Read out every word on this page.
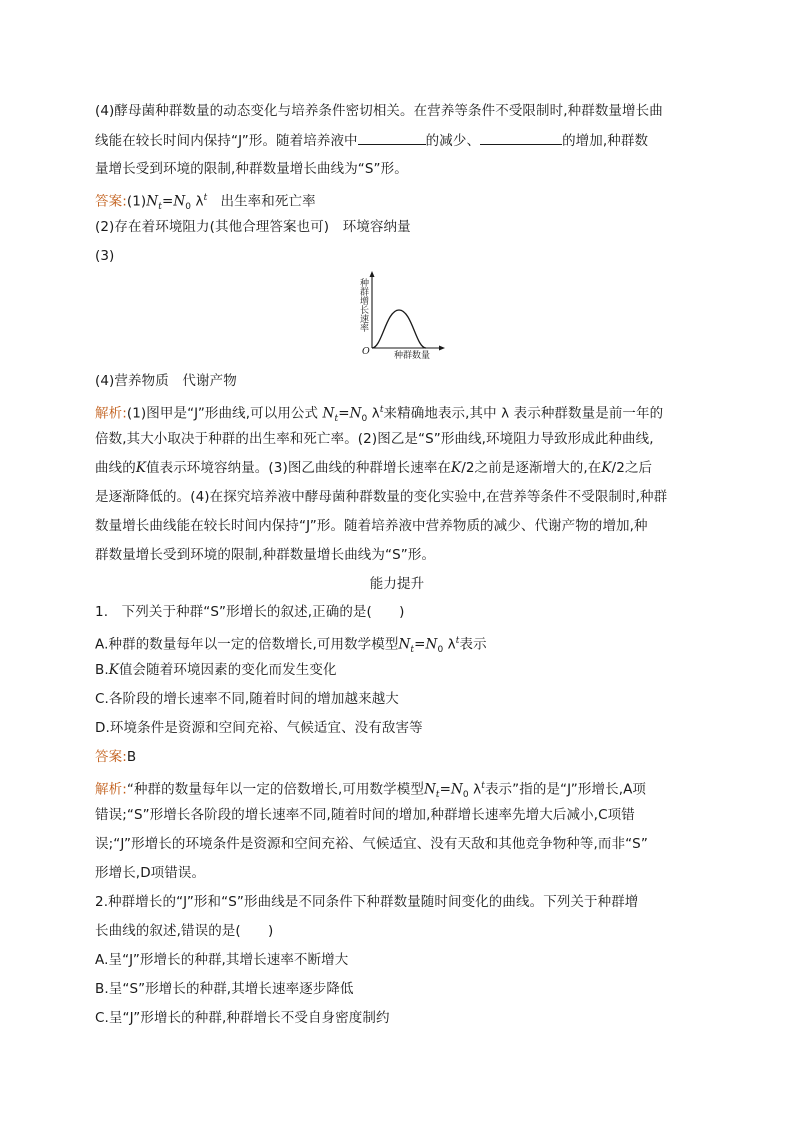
(4)酵母菌种群数量的动态变化与培养条件密切相关。在营养等条件不受限制时,种群数量增长曲
线能在较长时间内保持“J”形。随着培养液中	的减少、	的增加,种群数
量增长受到环境的限制,种群数量增长曲线为“S”形。
答案$:(1)N_t=N_0$ $\lambda^t$ 出生率和死亡率
(2)存在着环境阻力(其他合理答案也可)　环境容纳量
(3)
种群增长速率
O	种群数量
(4)营养物质　代谢产物
解析:(1)图甲是“J”形曲线,可以用公式 $N_t=N_0$ $\lambda^t$来精确地表示,其中 λ 表示种群数量是前一年的
倍数,其大小取决于种群的出生率和死亡率。(2)图乙是“S”形曲线,环境阻力导致形成此种曲线,
曲线的K值表示环境容纳量。(3)图乙曲线的种群增长速率在K/2之前是逐渐增大的,在K/2之后
是逐渐降低的。(4)在探究培养液中酵母菌种群数量的变化实验中,在营养等条件不受限制时,种群
数量增长曲线能在较长时间内保持“J”形。随着培养液中营养物质的减少、代谢产物的增加,种
群数量增长受到环境的限制,种群数量增长曲线为“S”形。
能力提升
1.　下列关于种群“S”形增长的叙述,正确的是(　　)
A.种群的数量每年以一定的倍数增长,可用数学模型$N_t=N_0$ $\lambda^t$表示
B.K值会随着环境因素的变化而发生变化
C.各阶段的增长速率不同,随着时间的增加越来越大
D.环境条件是资源和空间充裕、气候适宜、没有敌害等
答案:B
解析:“种群的数量每年以一定的倍数增长,可用数学模型$N_t=N_0$ $\lambda^t$表示”指的是“J”形增长,A项
错误;“S”形增长各阶段的增长速率不同,随着时间的增加,种群增长速率先增大后减小,C项错
误;“J”形增长的环境条件是资源和空间充裕、气候适宜、没有天敌和其他竞争物种等,而非“S”
形增长,D项错误。
2.种群增长的“J”形和“S”形曲线是不同条件下种群数量随时间变化的曲线。下列关于种群增
长曲线的叙述,错误的是(　　)
A.呈“J”形增长的种群,其增长速率不断增大
B.呈“S”形增长的种群,其增长速率逐步降低
C.呈“J”形增长的种群,种群增长不受自身密度制约
